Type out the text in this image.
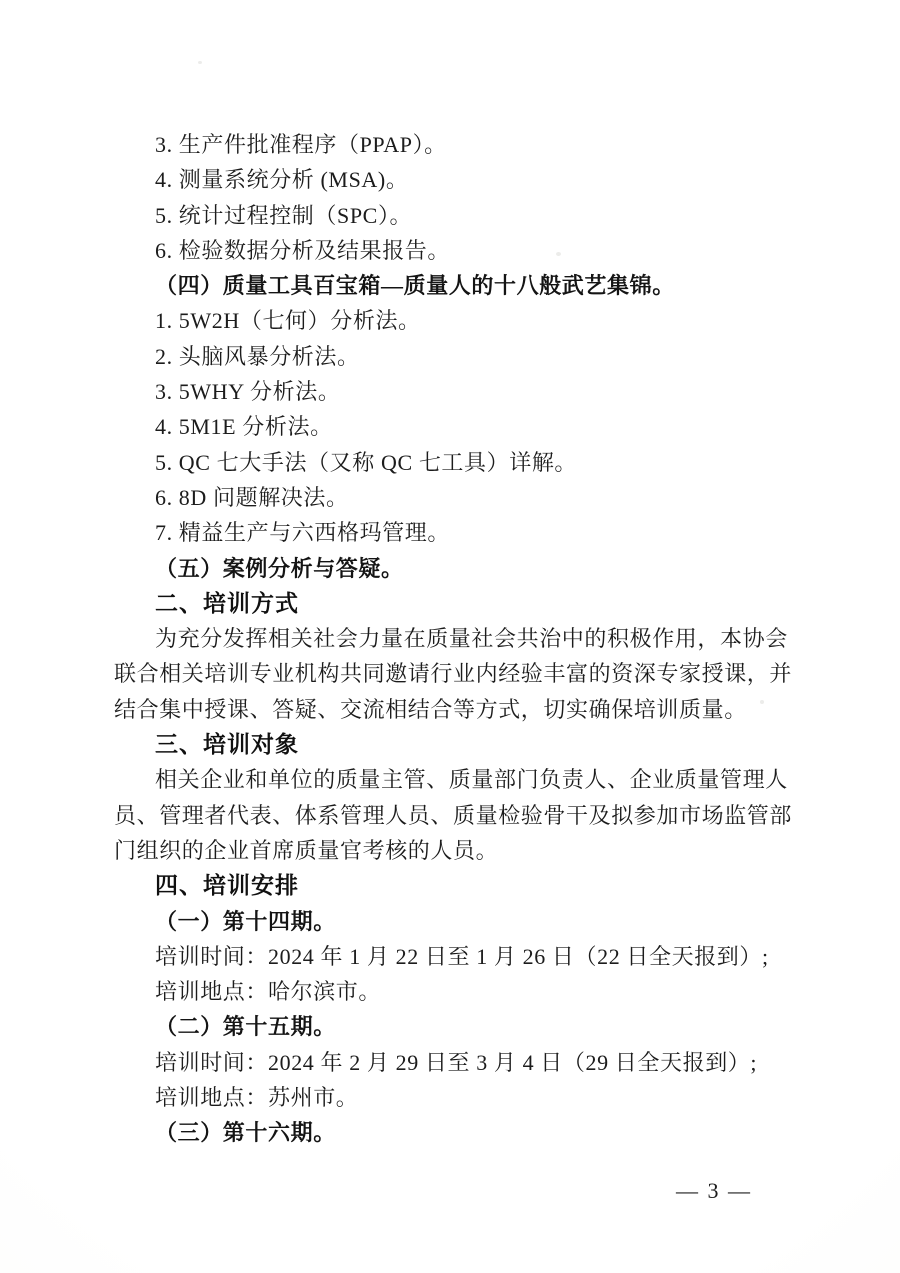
3. 生产件批准程序（PPAP）。
4. 测量系统分析 (MSA)。
5. 统计过程控制（SPC）。
6. 检验数据分析及结果报告。
（四）质量工具百宝箱—质量人的十八般武艺集锦。
1. 5W2H（七何）分析法。
2. 头脑风暴分析法。
3. 5WHY 分析法。
4. 5M1E 分析法。
5. QC 七大手法（又称 QC 七工具）详解。
6. 8D 问题解决法。
7. 精益生产与六西格玛管理。
（五）案例分析与答疑。
二、培训方式
为充分发挥相关社会力量在质量社会共治中的积极作用，本协会
联合相关培训专业机构共同邀请行业内经验丰富的资深专家授课，并
结合集中授课、答疑、交流相结合等方式，切实确保培训质量。
三、培训对象
相关企业和单位的质量主管、质量部门负责人、企业质量管理人
员、管理者代表、体系管理人员、质量检验骨干及拟参加市场监管部
门组织的企业首席质量官考核的人员。
四、培训安排
（一）第十四期。
培训时间：2024 年 1 月 22 日至 1 月 26 日（22 日全天报到）;
培训地点：哈尔滨市。
（二）第十五期。
培训时间：2024 年 2 月 29 日至 3 月 4 日（29 日全天报到）;
培训地点：苏州市。
（三）第十六期。
— 3 —
